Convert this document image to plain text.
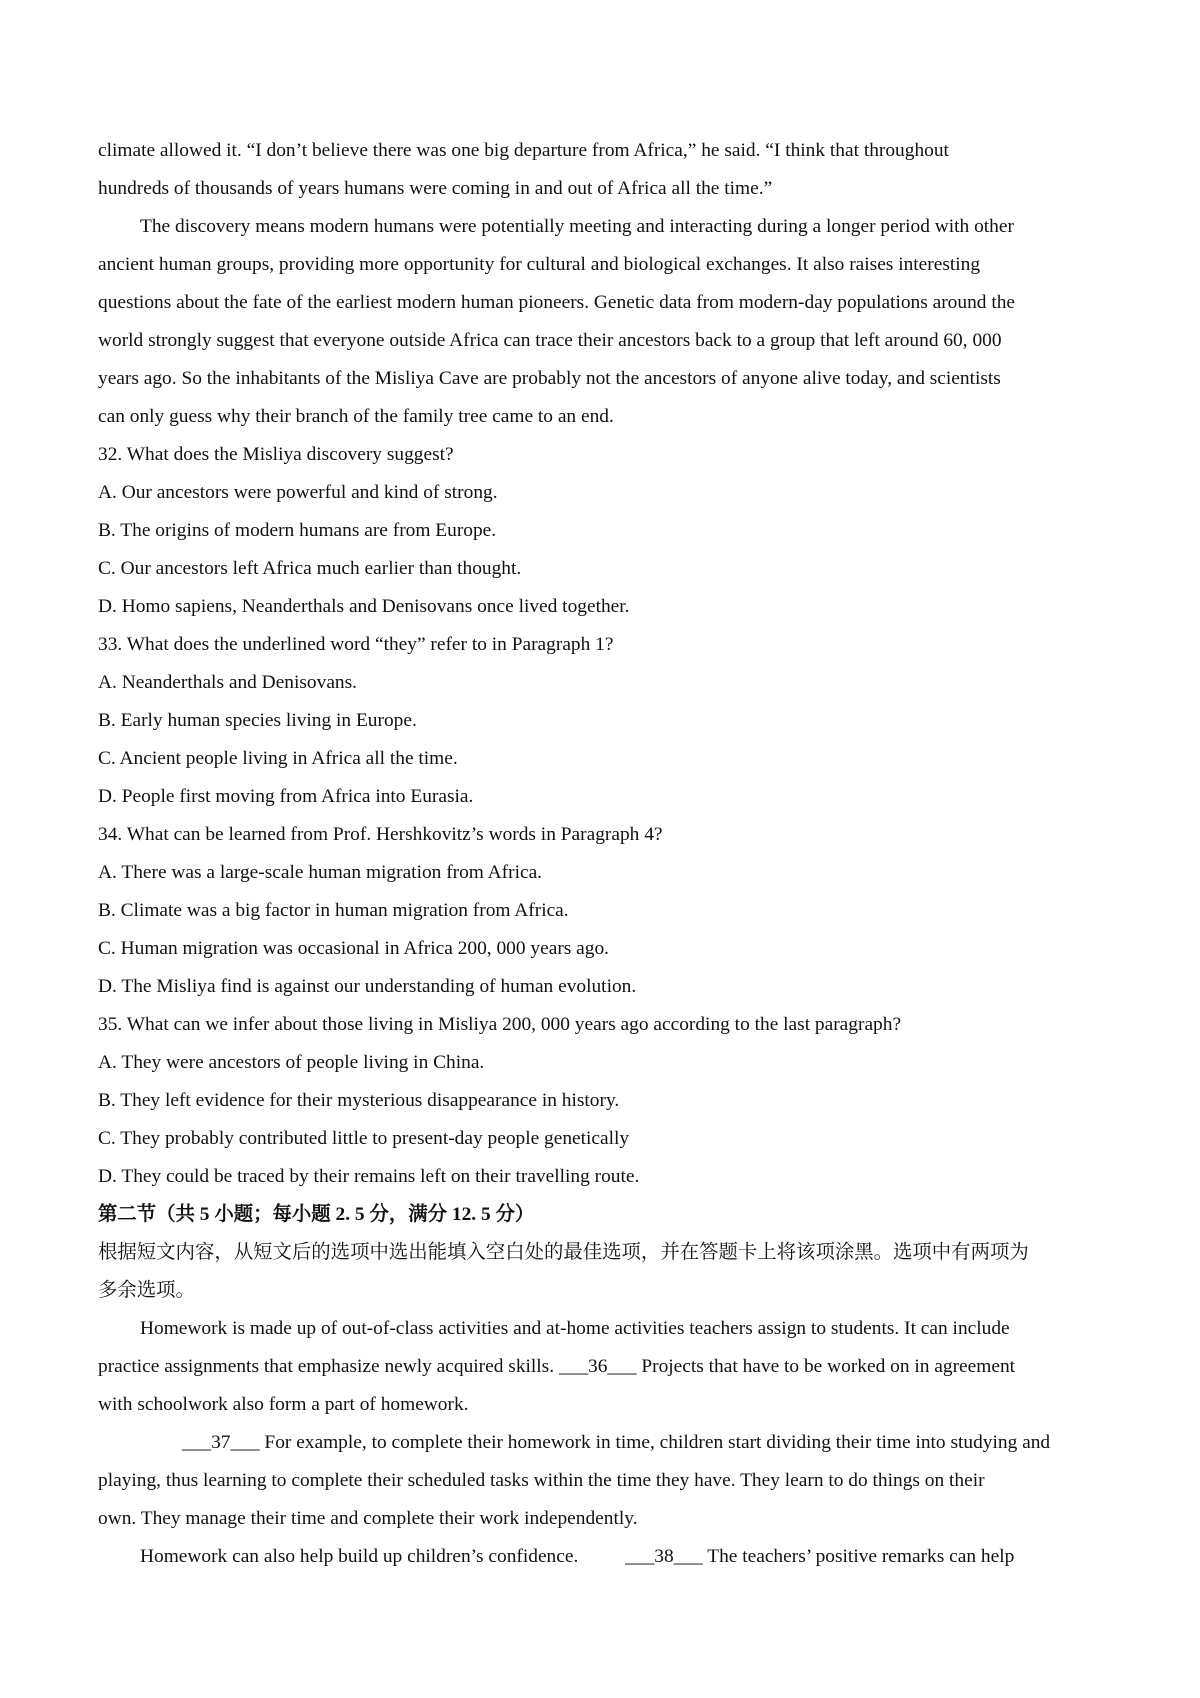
climate allowed it. “I don’t believe there was one big departure from Africa,” he said. “I think that throughout

hundreds of thousands of years humans were coming in and out of Africa all the time.”

The discovery means modern humans were potentially meeting and interacting during a longer period with other

ancient human groups, providing more opportunity for cultural and biological exchanges. It also raises interesting

questions about the fate of the earliest modern human pioneers. Genetic data from modern-day populations around the

world strongly suggest that everyone outside Africa can trace their ancestors back to a group that left around 60, 000

years ago. So the inhabitants of the Misliya Cave are probably not the ancestors of anyone alive today, and scientists

can only guess why their branch of the family tree came to an end.

32. What does the Misliya discovery suggest?

A. Our ancestors were powerful and kind of strong.

B. The origins of modern humans are from Europe.

C. Our ancestors left Africa much earlier than thought.

D. Homo sapiens, Neanderthals and Denisovans once lived together.

33. What does the underlined word “they” refer to in Paragraph 1?

A. Neanderthals and Denisovans.

B. Early human species living in Europe.

C. Ancient people living in Africa all the time.

D. People first moving from Africa into Eurasia.

34. What can be learned from Prof. Hershkovitz’s words in Paragraph 4?

A. There was a large-scale human migration from Africa.

B. Climate was a big factor in human migration from Africa.

C. Human migration was occasional in Africa 200, 000 years ago.

D. The Misliya find is against our understanding of human evolution.

35. What can we infer about those living in Misliya 200, 000 years ago according to the last paragraph?

A. They were ancestors of people living in China.

B. They left evidence for their mysterious disappearance in history.

C. They probably contributed little to present-day people genetically

D. They could be traced by their remains left on their travelling route.

第二节（共 5 小题；每小题 2. 5 分，满分 12. 5 分）

根据短文内容，从短文后的选项中选出能填入空白处的最佳选项，并在答题卡上将该项涂黑。选项中有两项为

多余选项。

Homework is made up of out-of-class activities and at-home activities teachers assign to students. It can include

practice assignments that emphasize newly acquired skills. ___36___ Projects that have to be worked on in agreement

with schoolwork also form a part of homework.

___37___ For example, to complete their homework in time, children start dividing their time into studying and

playing, thus learning to complete their scheduled tasks within the time they have. They learn to do things on their

own. They manage their time and complete their work independently.

Homework can also help build up children’s confidence. ___38___ The teachers’ positive remarks can help
